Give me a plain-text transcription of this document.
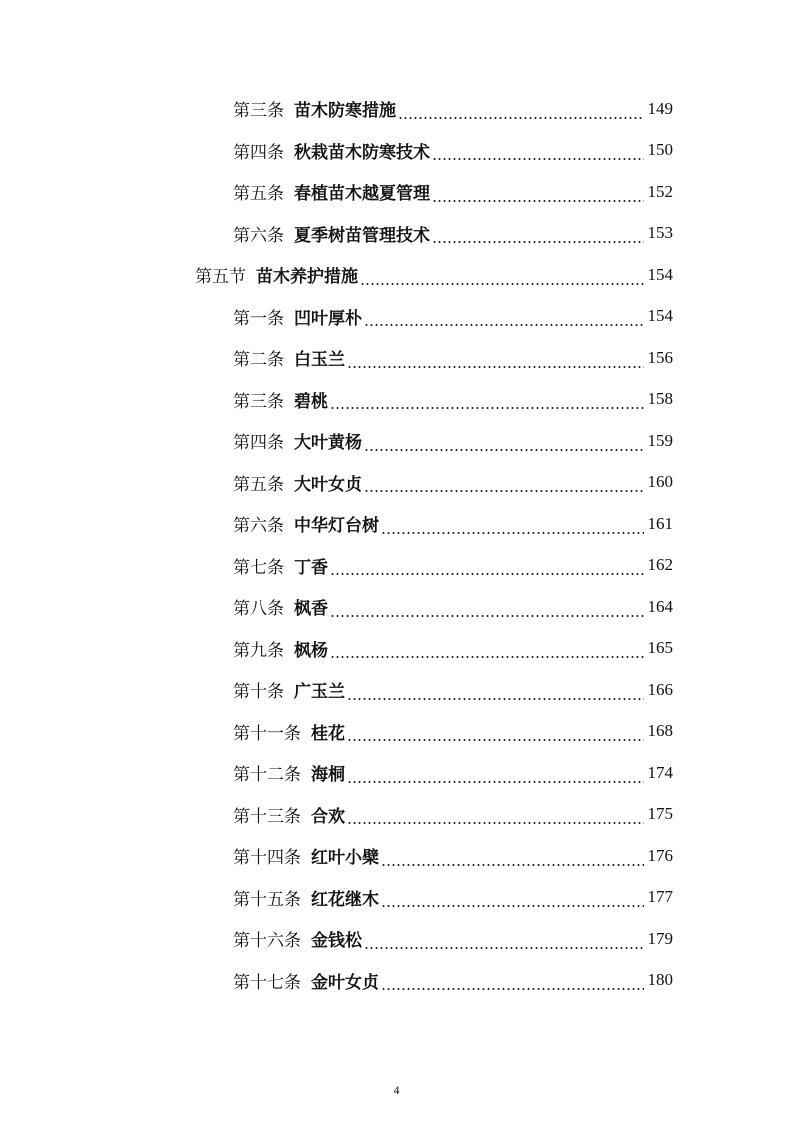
第三条 苗木防寒措施	149
第四条 秋栽苗木防寒技术	150
第五条 春植苗木越夏管理	152
第六条 夏季树苗管理技术	153
第五节 苗木养护措施	154
第一条 凹叶厚朴	154
第二条 白玉兰	156
第三条 碧桃	158
第四条 大叶黄杨	159
第五条 大叶女贞	160
第六条 中华灯台树	161
第七条 丁香	162
第八条 枫香	164
第九条 枫杨	165
第十条 广玉兰	166
第十一条 桂花	168
第十二条 海桐	174
第十三条 合欢	175
第十四条 红叶小檗	176
第十五条 红花继木	177
第十六条 金钱松	179
第十七条 金叶女贞	180
4
